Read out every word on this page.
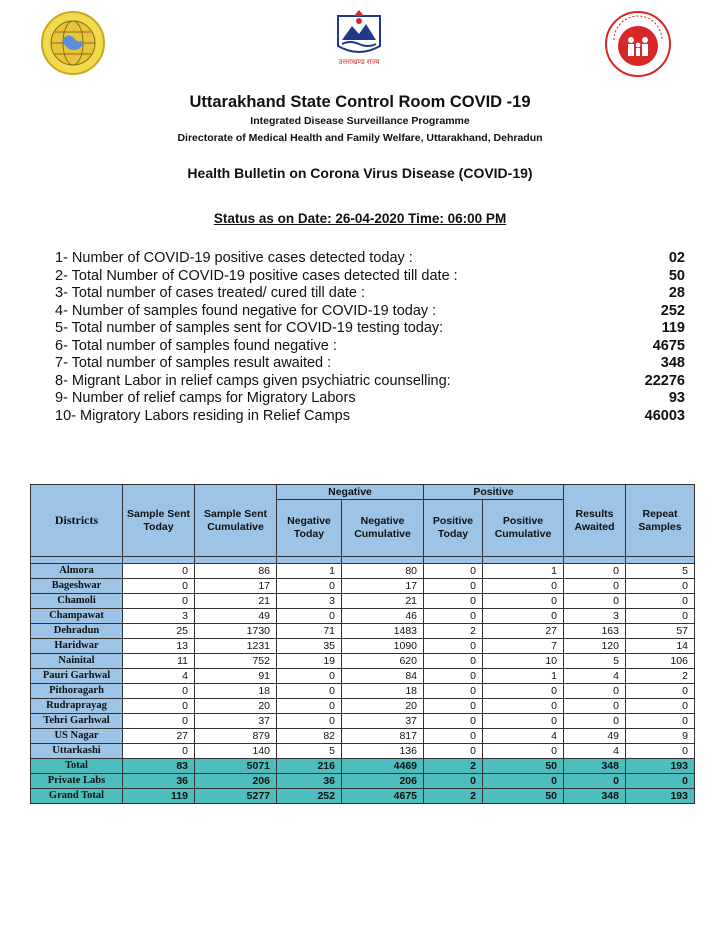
उत्तराखण्ड राज्य
Uttarakhand State Control Room COVID -19
Integrated Disease Surveillance Programme
Directorate of Medical Health and Family Welfare, Uttarakhand, Dehradun
Health Bulletin on Corona Virus Disease (COVID-19)
Status as on Date: 26-04-2020 Time: 06:00 PM
1- Number of COVID-19 positive cases detected today :	02
2- Total Number of COVID-19 positive cases detected till date :	50
3- Total number of cases treated/ cured till date :	28
4- Number of samples found negative for COVID-19 today :	252
5- Total number of samples sent for COVID-19 testing today:	119
6- Total number of samples found negative :	4675
7- Total number of samples result awaited :	348
8- Migrant Labor in relief camps given psychiatric counselling:	22276
9- Number of relief camps for Migratory Labors	93
10- Migratory Labors residing in Relief Camps	46003
Districts	Sample Sent Today	Sample Sent Cumulative	Negative		Positive		Results Awaited	Repeat Samples
			Negative Today	Negative Cumulative	Positive Today	Positive Cumulative		

Almora	0	86	1	80	0	1	0	5
Bageshwar	0	17	0	17	0	0	0	0
Chamoli	0	21	3	21	0	0	0	0
Champawat	3	49	0	46	0	0	3	0
Dehradun	25	1730	71	1483	2	27	163	57
Haridwar	13	1231	35	1090	0	7	120	14
Nainital	11	752	19	620	0	10	5	106
Pauri Garhwal	4	91	0	84	0	1	4	2
Pithoragarh	0	18	0	18	0	0	0	0
Rudraprayag	0	20	0	20	0	0	0	0
Tehri Garhwal	0	37	0	37	0	0	0	0
US Nagar	27	879	82	817	0	4	49	9
Uttarkashi	0	140	5	136	0	0	4	0
Total	83	5071	216	4469	2	50	348	193
Private Labs	36	206	36	206	0	0	0	0
Grand Total	119	5277	252	4675	2	50	348	193
